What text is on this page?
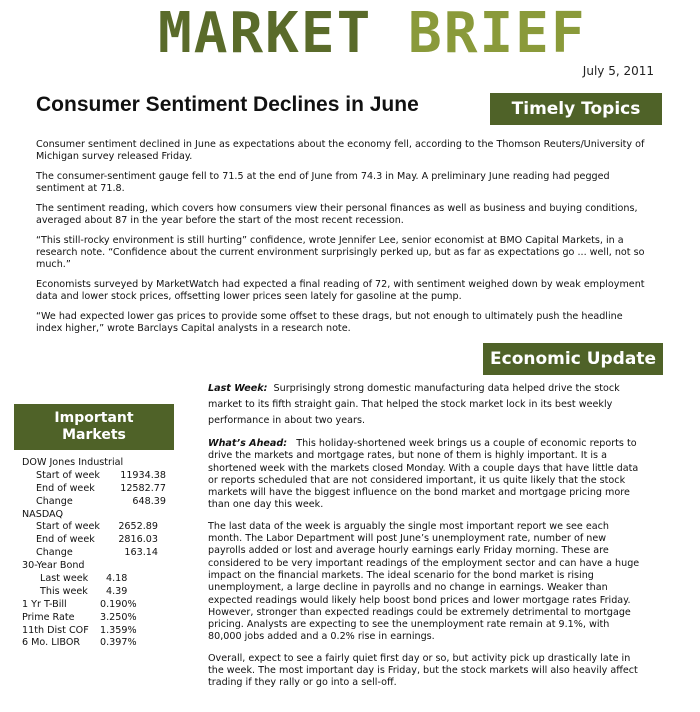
MARKET BRIEF
July 5, 2011
Consumer Sentiment Declines in June	Timely Topics

Consumer sentiment declined in June as expectations about the economy fell, according to the Thomson Reuters/University of Michigan survey released Friday.

The consumer-sentiment gauge fell to 71.5 at the end of June from 74.3 in May. A preliminary June reading had pegged sentiment at 71.8.

The sentiment reading, which covers how consumers view their personal finances as well as business and buying conditions, averaged about 87 in the year before the start of the most recent recession.

“This still-rocky environment is still hurting” confidence, wrote Jennifer Lee, senior economist at BMO Capital Markets, in a research note. “Confidence about the current environment surprisingly perked up, but as far as expectations go ... well, not so much.”

Economists surveyed by MarketWatch had expected a final reading of 72, with sentiment weighed down by weak employment data and lower stock prices, offsetting lower prices seen lately for gasoline at the pump.

“We had expected lower gas prices to provide some offset to these drags, but not enough to ultimately push the headline index higher,” wrote Barclays Capital analysts in a research note.

Economic Update
Important
Markets
DOW Jones Industrial
Start of week	11934.38
End of week	12582.77
Change	648.39
NASDAQ
Start of week	2652.89
End of week	2816.03
Change	163.14
30-Year Bond
Last week	4.18
This week	4.39
1 Yr T-Bill	0.190%
Prime Rate	3.250%
11th Dist COF	1.359%
6 Mo. LIBOR	0.397%

Last Week: Surprisingly strong domestic manufacturing data helped drive the stock market to its fifth straight gain. That helped the stock market lock in its best weekly performance in about two years.

What’s Ahead: This holiday-shortened week brings us a couple of economic reports to drive the markets and mortgage rates, but none of them is highly important. It is a shortened week with the markets closed Monday. With a couple days that have little data or reports scheduled that are not considered important, it us quite likely that the stock markets will have the biggest influence on the bond market and mortgage pricing more than one day this week.

The last data of the week is arguably the single most important report we see each month. The Labor Department will post June’s unemployment rate, number of new payrolls added or lost and average hourly earnings early Friday morning. These are considered to be very important readings of the employment sector and can have a huge impact on the financial markets. The ideal scenario for the bond market is rising unemployment, a large decline in payrolls and no change in earnings. Weaker than expected readings would likely help boost bond prices and lower mortgage rates Friday. However, stronger than expected readings could be extremely detrimental to mortgage pricing. Analysts are expecting to see the unemployment rate remain at 9.1%, with 80,000 jobs added and a 0.2% rise in earnings.

Overall, expect to see a fairly quiet first day or so, but activity pick up drastically late in the week. The most important day is Friday, but the stock markets will also heavily affect trading if they rally or go into a sell-off.
